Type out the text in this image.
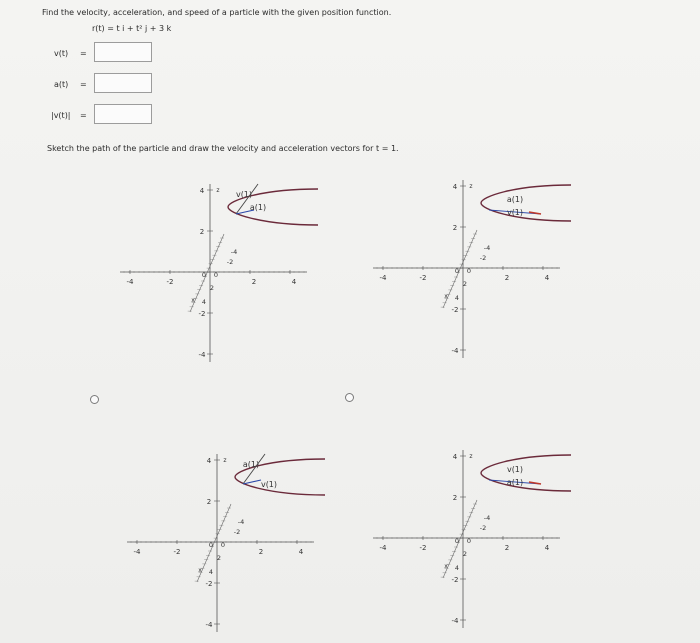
Find the velocity, acceleration, and speed of a particle with the given position function.
r(t) = t i + t² j + 3 k
v(t) =
a(t) =
|v(t)| =
Sketch the path of the particle and draw the velocity and acceleration vectors for t = 1.
-4	-2	2	4
4
2
-2
-4
z
-4
-2
0 0
2
4
x
v(1)
a(1)
-4	-2	2	4
4
2
-2
-4
z
-4
-2
0 0
2
4
x
a(1)
v(1)
-4	-2	2	4
4
2
-2
-4
z
-4
-2
0 0
2
4
x
a(1)
v(1)
-4	-2	2	4
4
2
-2
-4
z
-4
-2
0 0
2
4
x
v(1)
a(1)
